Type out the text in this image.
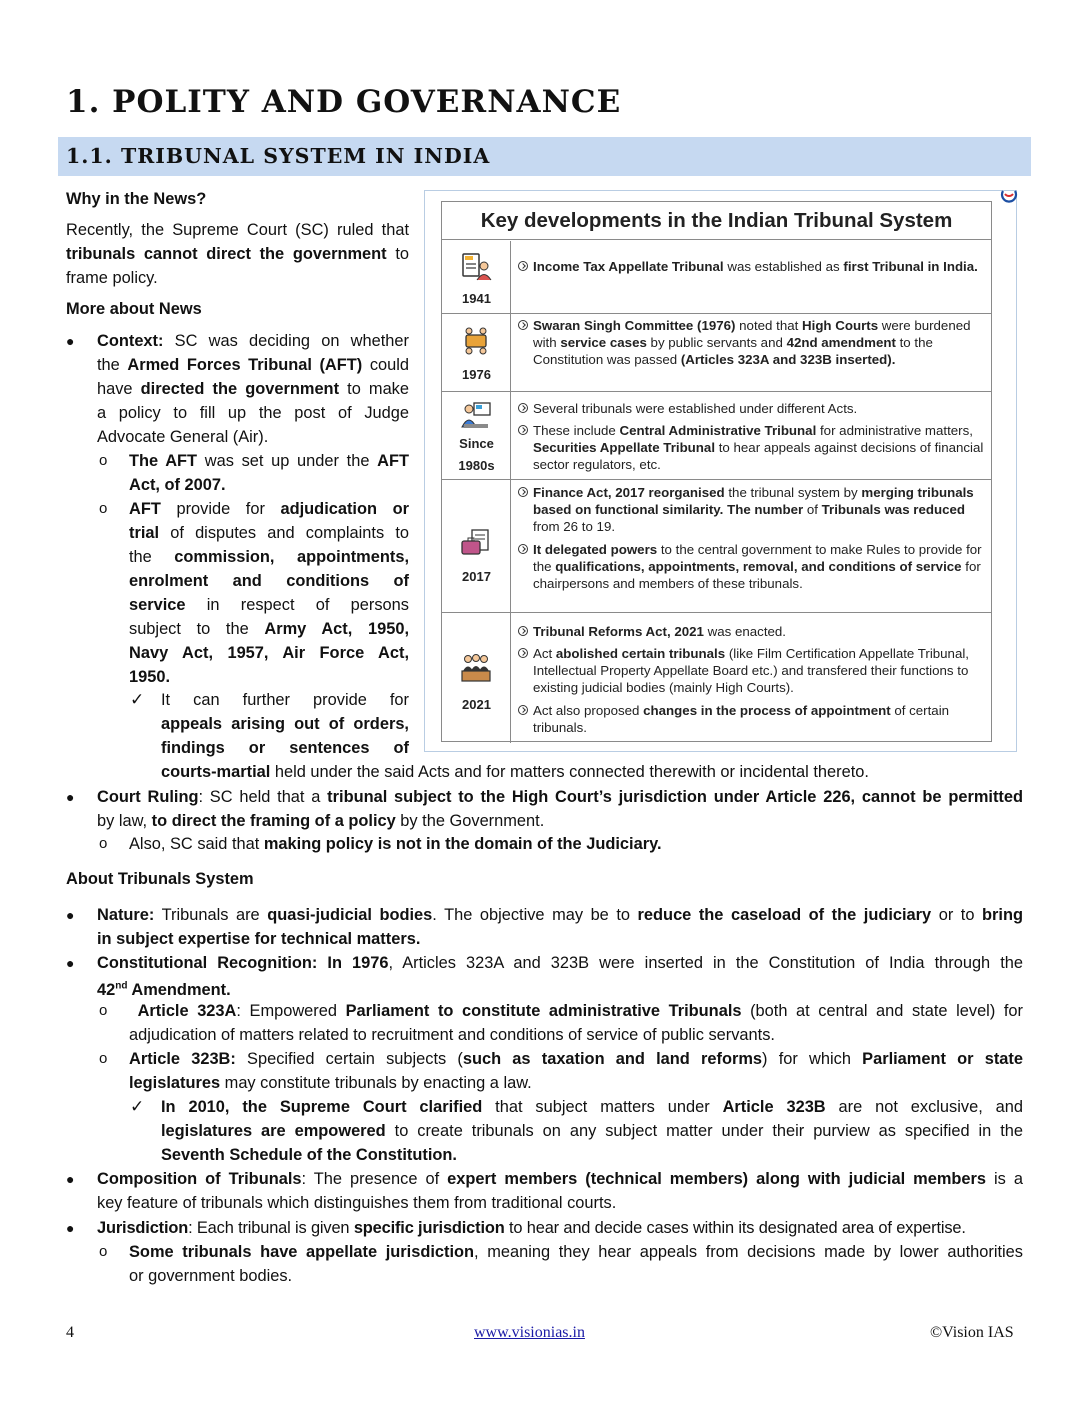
1. POLITY AND GOVERNANCE
1.1. TRIBUNAL SYSTEM IN INDIA
Why in the News?
Recently, the Supreme Court (SC) ruled that
tribunals cannot direct the government to
frame policy.
More about News
● Context: SC was deciding on whether
the Armed Forces Tribunal (AFT) could
have directed the government to make
a policy to fill up the post of Judge
Advocate General (Air).
o The AFT was set up under the AFT
Act, of 2007.
o AFT provide for adjudication or
trial of disputes and complaints to
the commission, appointments,
enrolment and conditions of
service in respect of persons
subject to the Army Act, 1950,
Navy Act, 1957, Air Force Act,
1950.
✓ It can further provide for
appeals arising out of orders,
findings or sentences of
courts-martial held under the said Acts and for matters connected therewith or incidental thereto.
● Court Ruling: SC held that a tribunal subject to the High Court’s jurisdiction under Article 226, cannot be permitted
by law, to direct the framing of a policy by the Government.
o Also, SC said that making policy is not in the domain of the Judiciary.
About Tribunals System
● Nature: Tribunals are quasi-judicial bodies. The objective may be to reduce the caseload of the judiciary or to bring
in subject expertise for technical matters.
● Constitutional Recognition: In 1976, Articles 323A and 323B were inserted in the Constitution of India through the
42nd Amendment.
o	Article 323A: Empowered Parliament to constitute administrative Tribunals (both at central and state level) for
adjudication of matters related to recruitment and conditions of service of public servants.
o Article 323B: Specified certain subjects (such as taxation and land reforms) for which Parliament or state
legislatures may constitute tribunals by enacting a law.
✓ In 2010, the Supreme Court clarified that subject matters under Article 323B are not exclusive, and
legislatures are empowered to create tribunals on any subject matter under their purview as specified in the
Seventh Schedule of the Constitution.
● Composition of Tribunals: The presence of expert members (technical members) along with judicial members is a
key feature of tribunals which distinguishes them from traditional courts.
● Jurisdiction: Each tribunal is given specific jurisdiction to hear and decide cases within its designated area of expertise.
o Some tribunals have appellate jurisdiction, meaning they hear appeals from decisions made by lower authorities
or government bodies.
Key developments in the Indian Tribunal System
1941
Income Tax Appellate Tribunal was established as first Tribunal in India.
1976
Swaran Singh Committee (1976) noted that High Courts were burdened with service cases by public servants and 42nd amendment to the Constitution was passed (Articles 323A and 323B inserted).
Since
1980s
Several tribunals were established under different Acts.
These include Central Administrative Tribunal for administrative matters, Securities Appellate Tribunal to hear appeals against decisions of financial sector regulators, etc.
2017
Finance Act, 2017 reorganised the tribunal system by merging tribunals based on functional similarity. The number of Tribunals was reduced from 26 to 19.
It delegated powers to the central government to make Rules to provide for the qualifications, appointments, removal, and conditions of service for chairpersons and members of these tribunals.
2021
Tribunal Reforms Act, 2021 was enacted.
Act abolished certain tribunals (like Film Certification Appellate Tribunal, Intellectual Property Appellate Board etc.) and transfered their functions to existing judicial bodies (mainly High Courts).
Act also proposed changes in the process of appointment of certain tribunals.
4	www.visionias.in	©Vision IAS
